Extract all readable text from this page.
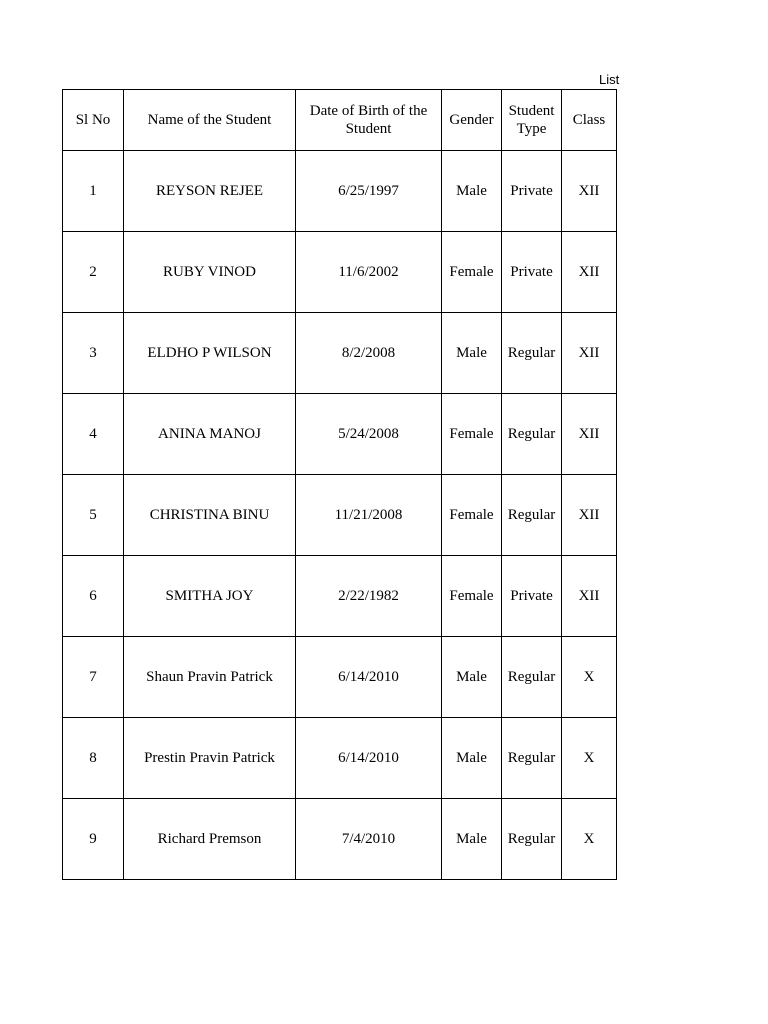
List
Sl No	Name of the Student	Date of Birth of the Student	Gender	Student Type	Class
1	REYSON REJEE	6/25/1997	Male	Private	XII
2	RUBY VINOD	11/6/2002	Female	Private	XII
3	ELDHO P WILSON	8/2/2008	Male	Regular	XII
4	ANINA MANOJ	5/24/2008	Female	Regular	XII
5	CHRISTINA BINU	11/21/2008	Female	Regular	XII
6	SMITHA JOY	2/22/1982	Female	Private	XII
7	Shaun Pravin Patrick	6/14/2010	Male	Regular	X
8	Prestin Pravin Patrick	6/14/2010	Male	Regular	X
9	Richard Premson	7/4/2010	Male	Regular	X
